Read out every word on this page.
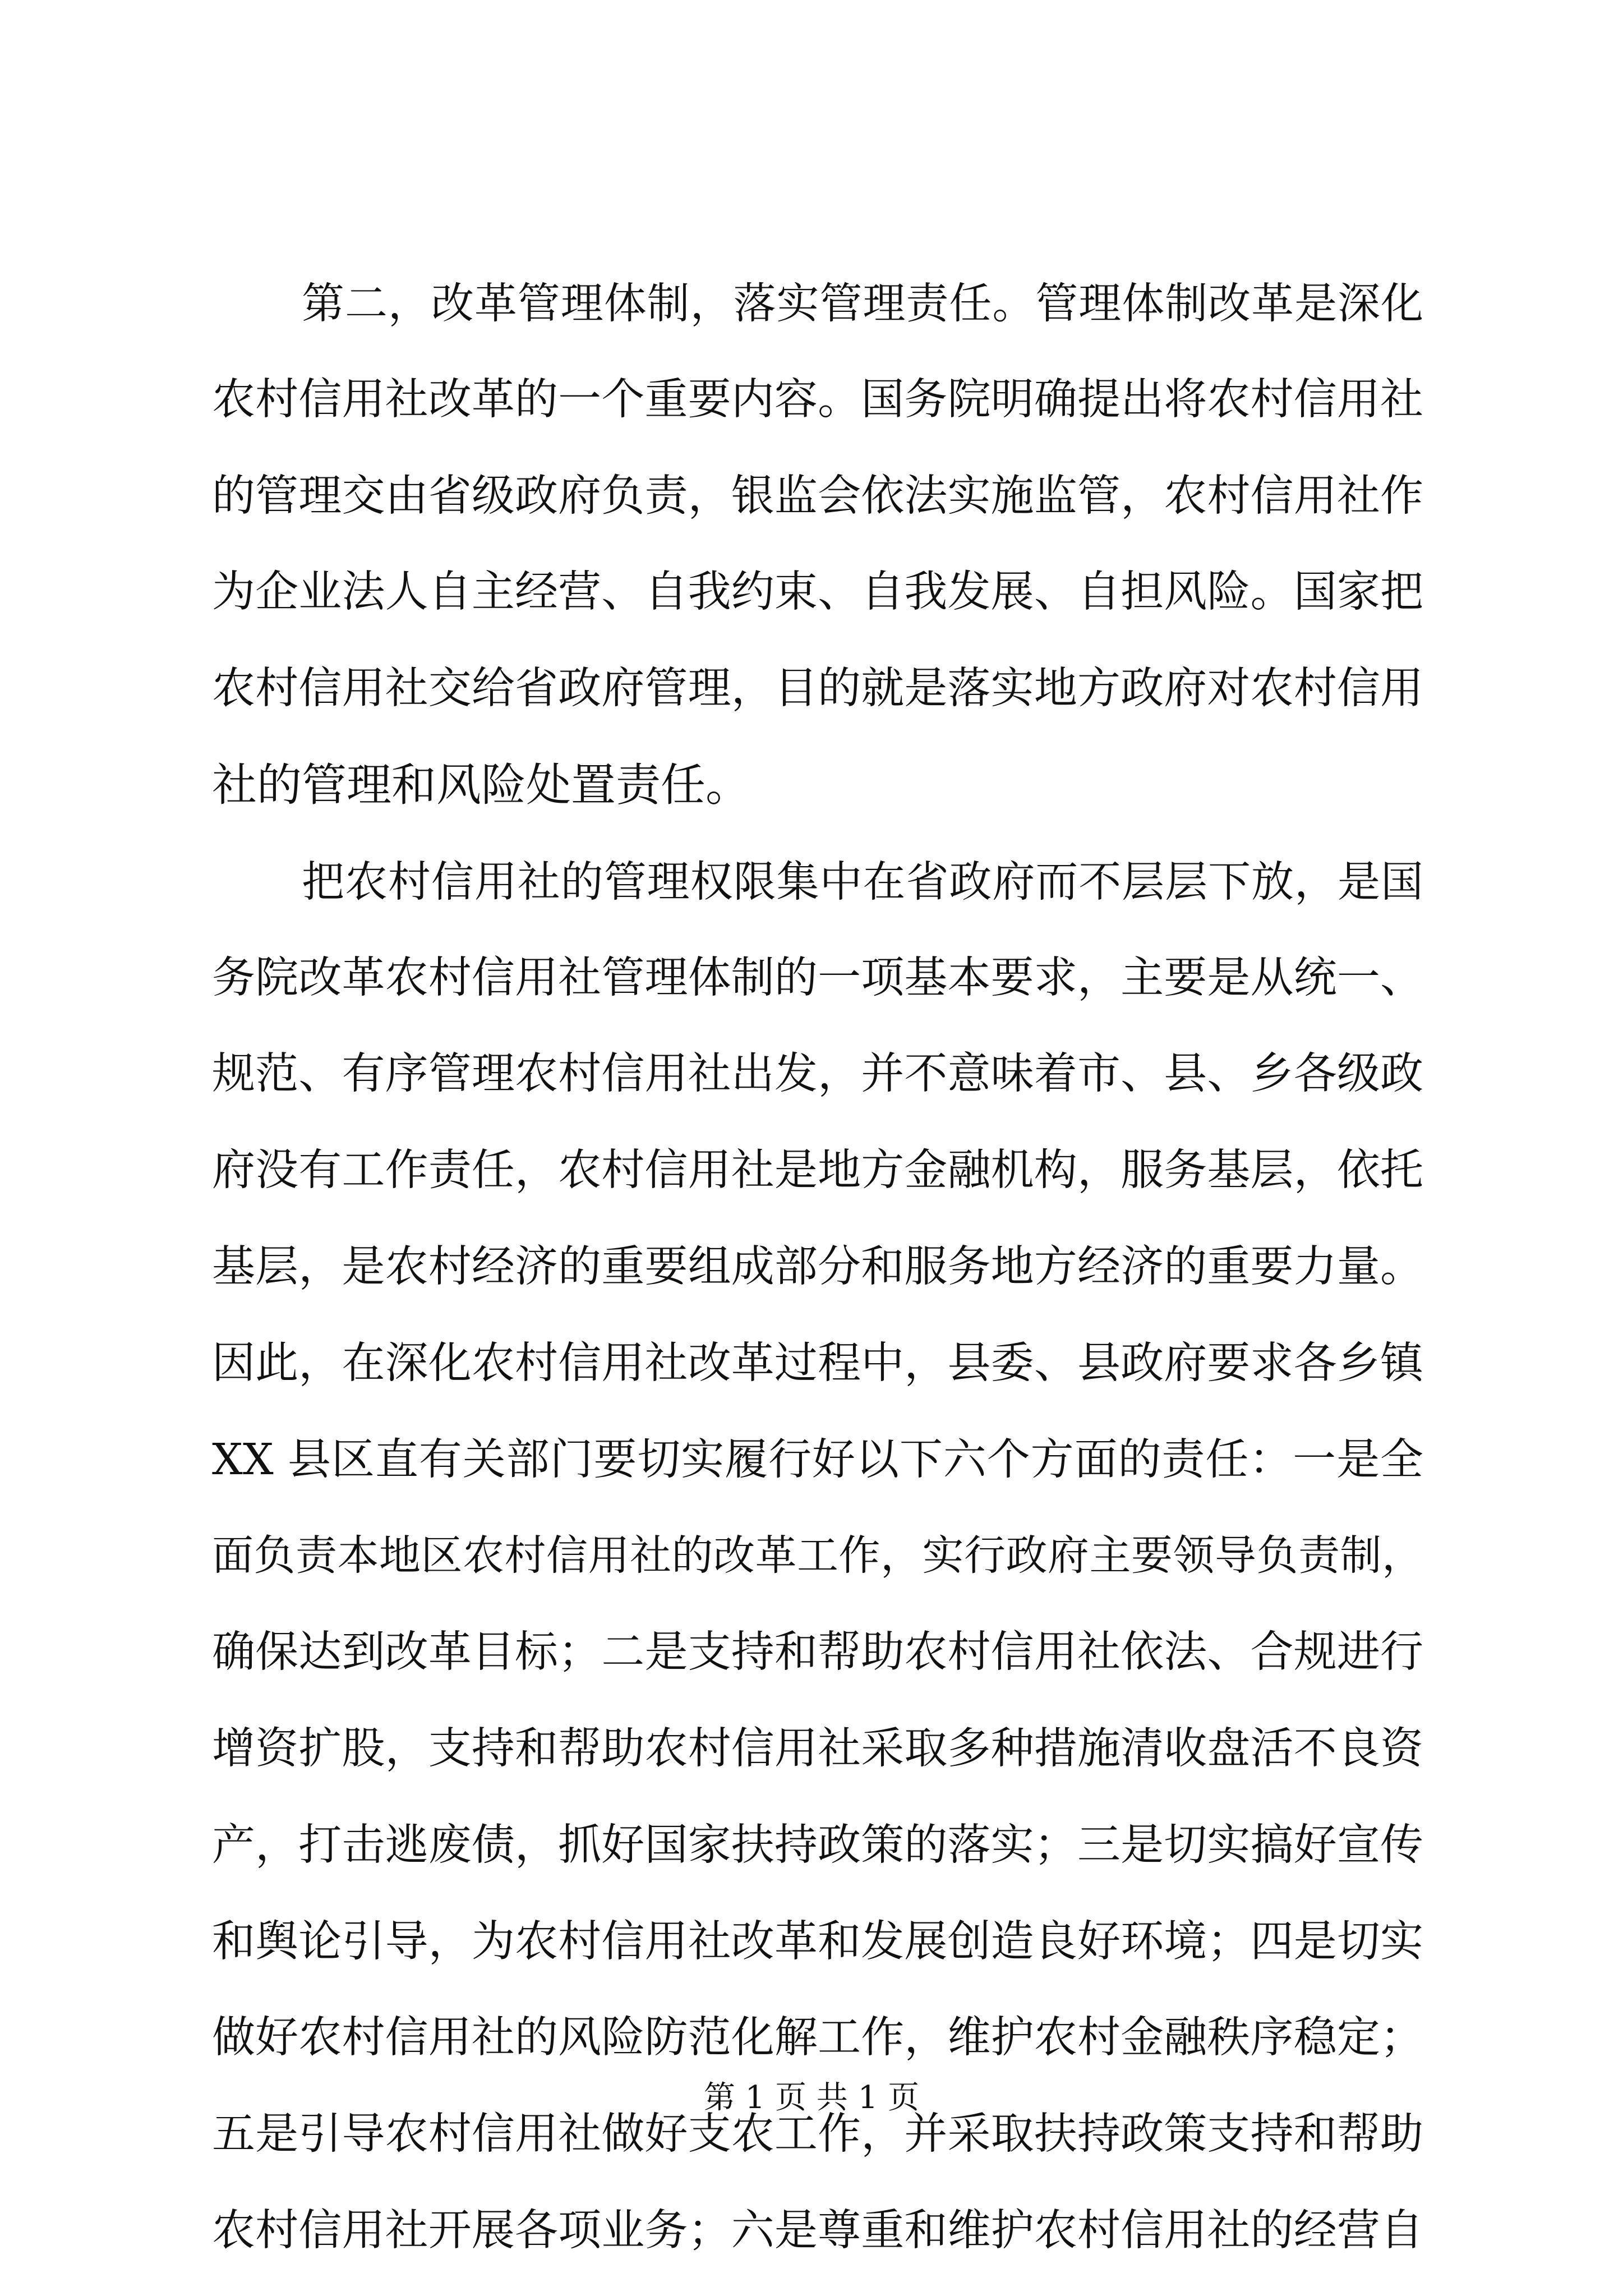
第二，改革管理体制，落实管理责任。管理体制改革是深化
农村信用社改革的一个重要内容。国务院明确提出将农村信用社
的管理交由省级政府负责，银监会依法实施监管，农村信用社作
为企业法人自主经营、自我约束、自我发展、自担风险。国家把
农村信用社交给省政府管理，目的就是落实地方政府对农村信用
社的管理和风险处置责任。
把农村信用社的管理权限集中在省政府而不层层下放，是国
务院改革农村信用社管理体制的一项基本要求，主要是从统一、
规范、有序管理农村信用社出发，并不意味着市、县、乡各级政
府没有工作责任，农村信用社是地方金融机构，服务基层，依托
基层，是农村经济的重要组成部分和服务地方经济的重要力量。
因此，在深化农村信用社改革过程中，县委、县政府要求各乡镇
XX 县区直有关部门要切实履行好以下六个方面的责任：一是全
面负责本地区农村信用社的改革工作，实行政府主要领导负责制，
确保达到改革目标；二是支持和帮助农村信用社依法、合规进行
增资扩股，支持和帮助农村信用社采取多种措施清收盘活不良资
产，打击逃废债，抓好国家扶持政策的落实；三是切实搞好宣传
和舆论引导，为农村信用社改革和发展创造良好环境；四是切实
做好农村信用社的风险防范化解工作，维护农村金融秩序稳定；
五是引导农村信用社做好支农工作，并采取扶持政策支持和帮助
农村信用社开展各项业务；六是尊重和维护农村信用社的经营自
第 1 页 共 1 页
